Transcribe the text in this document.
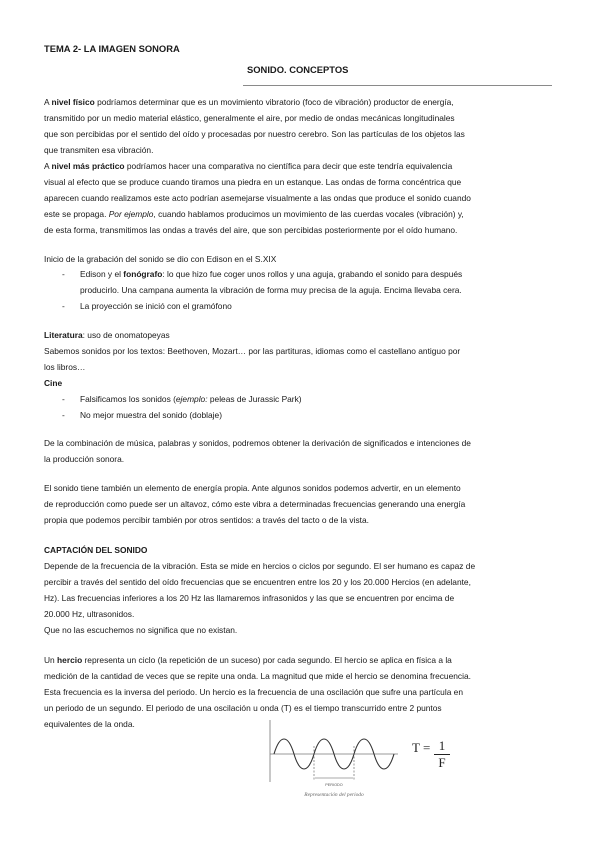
TEMA 2- LA IMAGEN SONORA
SONIDO. CONCEPTOS
A nivel físico podríamos determinar que es un movimiento vibratorio (foco de vibración) productor de energía,
transmitido por un medio material elástico, generalmente el aire, por medio de ondas mecánicas longitudinales
que son percibidas por el sentido del oído y procesadas por nuestro cerebro. Son las partículas de los objetos las
que transmiten esa vibración.
A nivel más práctico podríamos hacer una comparativa no científica para decir que este tendría equivalencia
visual al efecto que se produce cuando tiramos una piedra en un estanque. Las ondas de forma concéntrica que
aparecen cuando realizamos este acto podrían asemejarse visualmente a las ondas que produce el sonido cuando
este se propaga. Por ejemplo, cuando hablamos producimos un movimiento de las cuerdas vocales (vibración) y,
de esta forma, transmitimos las ondas a través del aire, que son percibidas posteriormente por el oído humano.
Inicio de la grabación del sonido se dio con Edison en el S.XIX
- Edison y el fonógrafo: lo que hizo fue coger unos rollos y una aguja, grabando el sonido para después
producirlo. Una campana aumenta la vibración de forma muy precisa de la aguja. Encima llevaba cera.
- La proyección se inició con el gramófono
Literatura: uso de onomatopeyas
Sabemos sonidos por los textos: Beethoven, Mozart… por las partituras, idiomas como el castellano antiguo por
los libros…
Cine
- Falsificamos los sonidos (ejemplo: peleas de Jurassic Park)
- No mejor muestra del sonido (doblaje)
De la combinación de música, palabras y sonidos, podremos obtener la derivación de significados e intenciones de
la producción sonora.
El sonido tiene también un elemento de energía propia. Ante algunos sonidos podemos advertir, en un elemento
de reproducción como puede ser un altavoz, cómo este vibra a determinadas frecuencias generando una energía
propia que podemos percibir también por otros sentidos: a través del tacto o de la vista.
CAPTACIÓN DEL SONIDO
Depende de la frecuencia de la vibración. Esta se mide en hercios o ciclos por segundo. El ser humano es capaz de
percibir a través del sentido del oído frecuencias que se encuentren entre los 20 y los 20.000 Hercios (en adelante,
Hz). Las frecuencias inferiores a los 20 Hz las llamaremos infrasonidos y las que se encuentren por encima de
20.000 Hz, ultrasonidos.
Que no las escuchemos no significa que no existan.
Un hercio representa un ciclo (la repetición de un suceso) por cada segundo. El hercio se aplica en física a la
medición de la cantidad de veces que se repite una onda. La magnitud que mide el hercio se denomina frecuencia.
Esta frecuencia es la inversa del periodo. Un hercio es la frecuencia de una oscilación que sufre una partícula en
un periodo de un segundo. El periodo de una oscilación u onda (T) es el tiempo transcurrido entre 2 puntos
equivalentes de la onda.
PERIODO
Representación del periodo
T = 1
F
